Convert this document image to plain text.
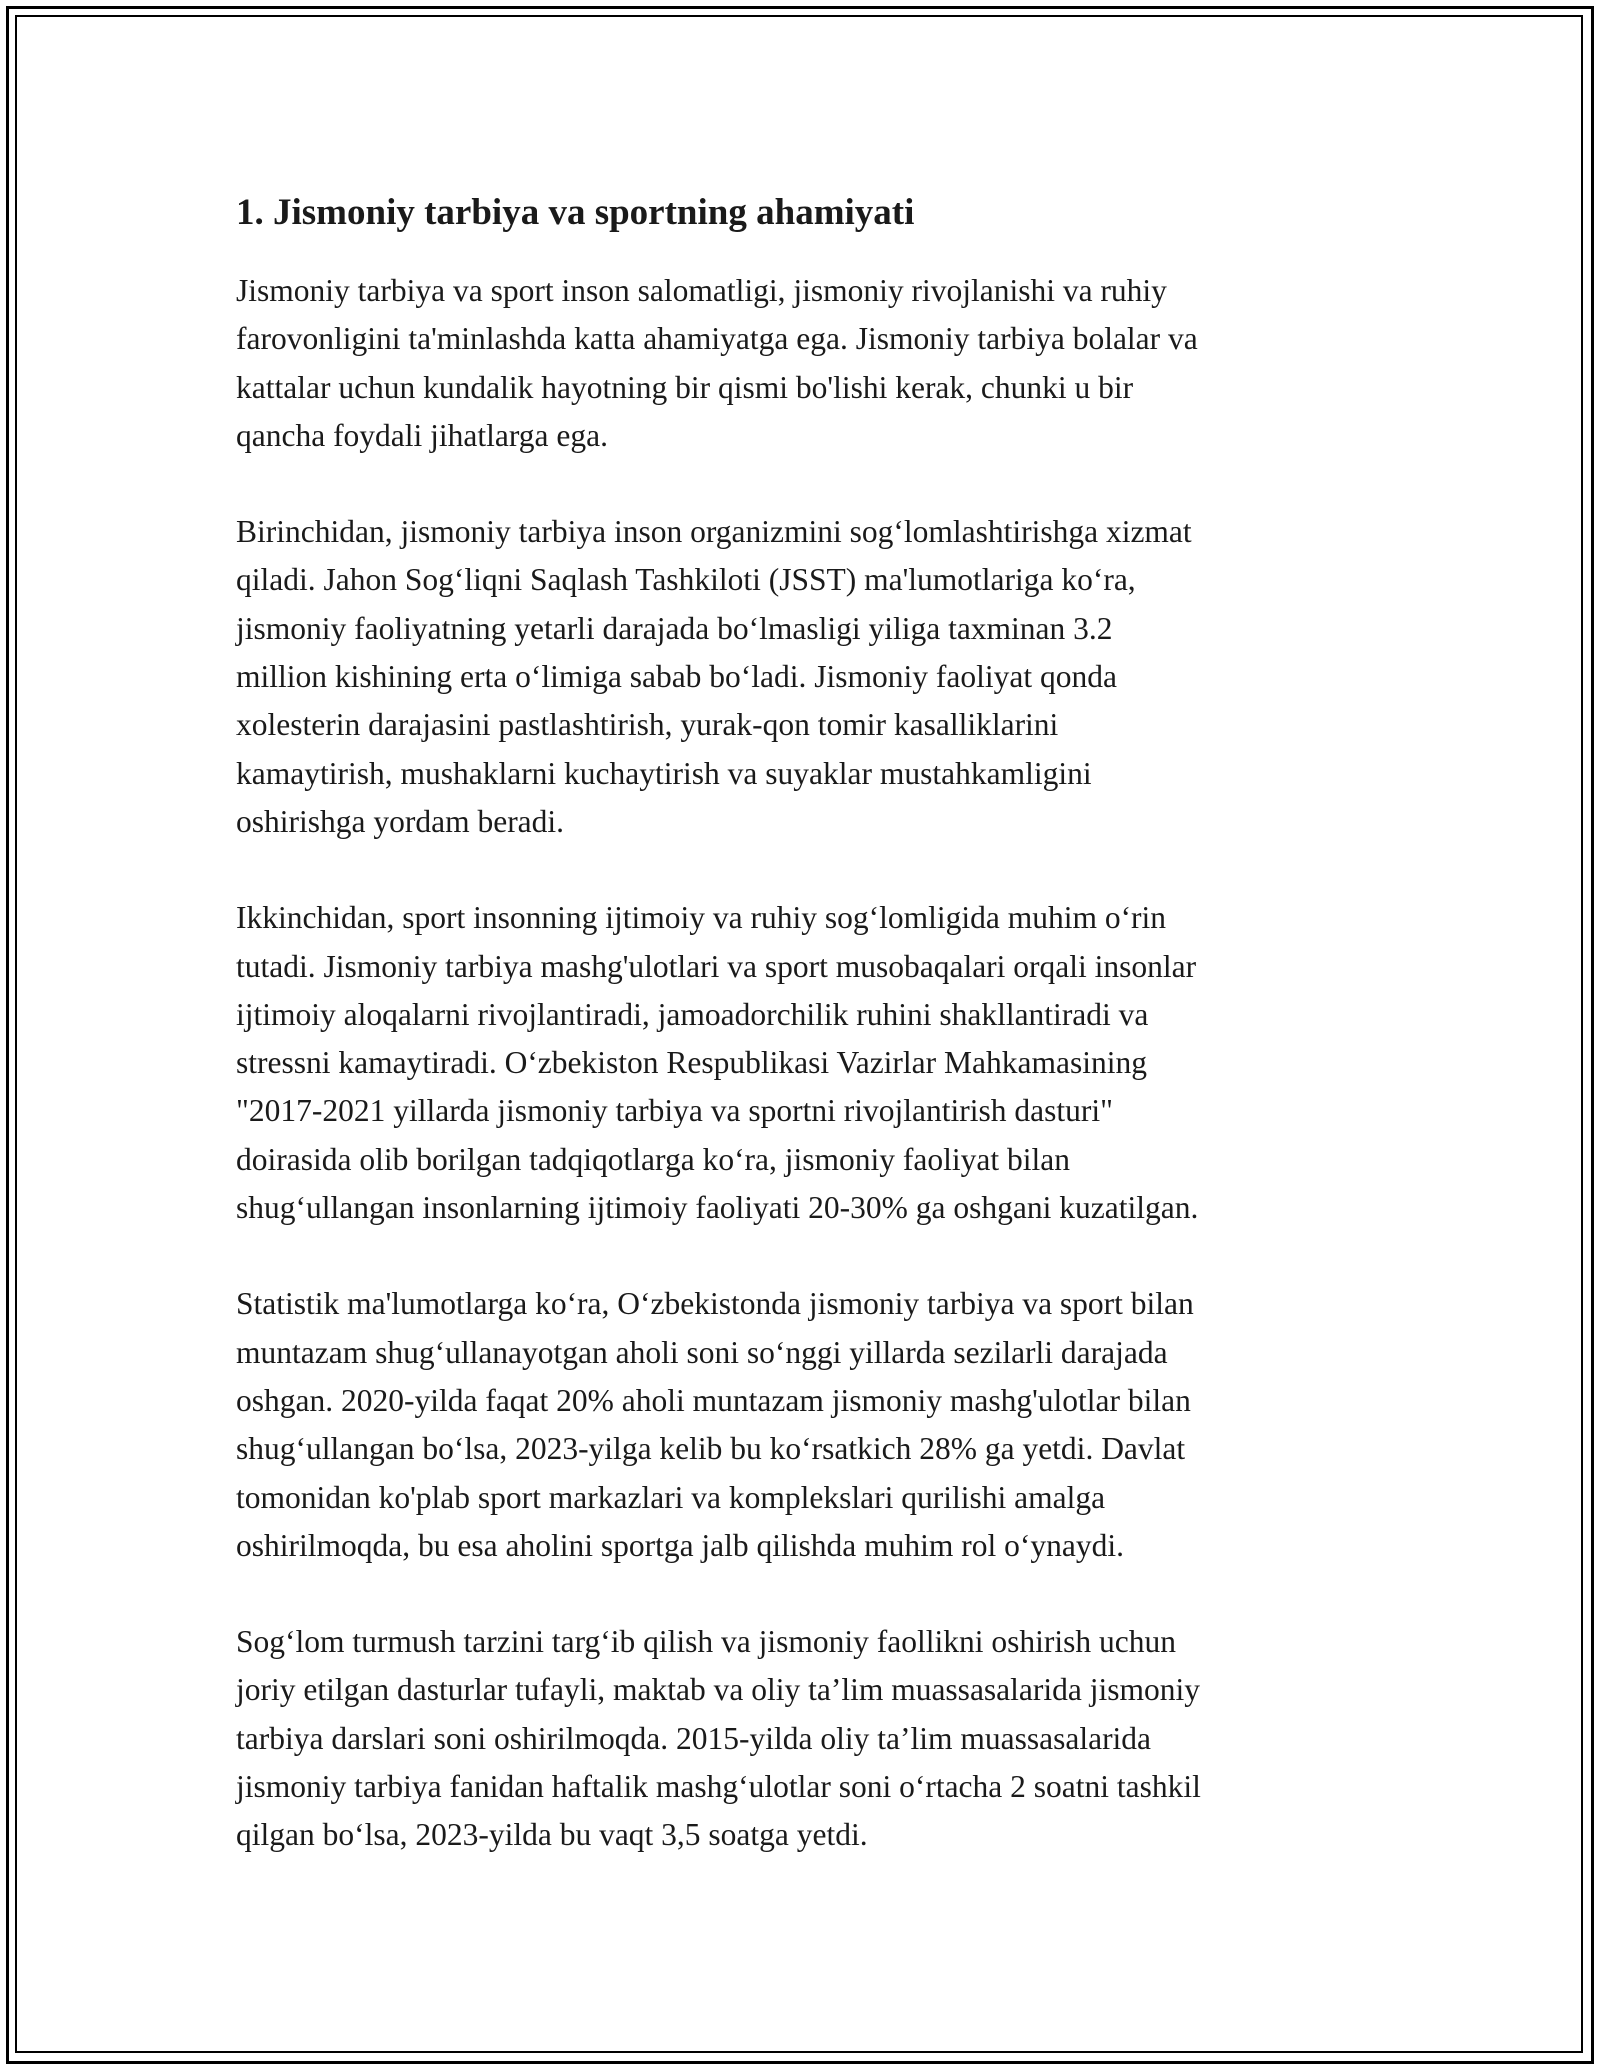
1. Jismoniy tarbiya va sportning ahamiyati

Jismoniy tarbiya va sport inson salomatligi, jismoniy rivojlanishi va ruhiy
farovonligini ta'minlashda katta ahamiyatga ega. Jismoniy tarbiya bolalar va
kattalar uchun kundalik hayotning bir qismi bo'lishi kerak, chunki u bir
qancha foydali jihatlarga ega.

Birinchidan, jismoniy tarbiya inson organizmini sog‘lomlashtirishga xizmat
qiladi. Jahon Sog‘liqni Saqlash Tashkiloti (JSST) ma'lumotlariga ko‘ra,
jismoniy faoliyatning yetarli darajada bo‘lmasligi yiliga taxminan 3.2
million kishining erta o‘limiga sabab bo‘ladi. Jismoniy faoliyat qonda
xolesterin darajasini pastlashtirish, yurak-qon tomir kasalliklarini
kamaytirish, mushaklarni kuchaytirish va suyaklar mustahkamligini
oshirishga yordam beradi.

Ikkinchidan, sport insonning ijtimoiy va ruhiy sog‘lomligida muhim o‘rin
tutadi. Jismoniy tarbiya mashg'ulotlari va sport musobaqalari orqali insonlar
ijtimoiy aloqalarni rivojlantiradi, jamoadorchilik ruhini shakllantiradi va
stressni kamaytiradi. O‘zbekiston Respublikasi Vazirlar Mahkamasining
"2017-2021 yillarda jismoniy tarbiya va sportni rivojlantirish dasturi"
doirasida olib borilgan tadqiqotlarga ko‘ra, jismoniy faoliyat bilan
shug‘ullangan insonlarning ijtimoiy faoliyati 20-30% ga oshgani kuzatilgan.

Statistik ma'lumotlarga ko‘ra, O‘zbekistonda jismoniy tarbiya va sport bilan
muntazam shug‘ullanayotgan aholi soni so‘nggi yillarda sezilarli darajada
oshgan. 2020-yilda faqat 20% aholi muntazam jismoniy mashg'ulotlar bilan
shug‘ullangan bo‘lsa, 2023-yilga kelib bu ko‘rsatkich 28% ga yetdi. Davlat
tomonidan ko'plab sport markazlari va komplekslari qurilishi amalga
oshirilmoqda, bu esa aholini sportga jalb qilishda muhim rol o‘ynaydi.

Sog‘lom turmush tarzini targ‘ib qilish va jismoniy faollikni oshirish uchun
joriy etilgan dasturlar tufayli, maktab va oliy ta’lim muassasalarida jismoniy
tarbiya darslari soni oshirilmoqda. 2015-yilda oliy ta’lim muassasalarida
jismoniy tarbiya fanidan haftalik mashg‘ulotlar soni o‘rtacha 2 soatni tashkil
qilgan bo‘lsa, 2023-yilda bu vaqt 3,5 soatga yetdi.
